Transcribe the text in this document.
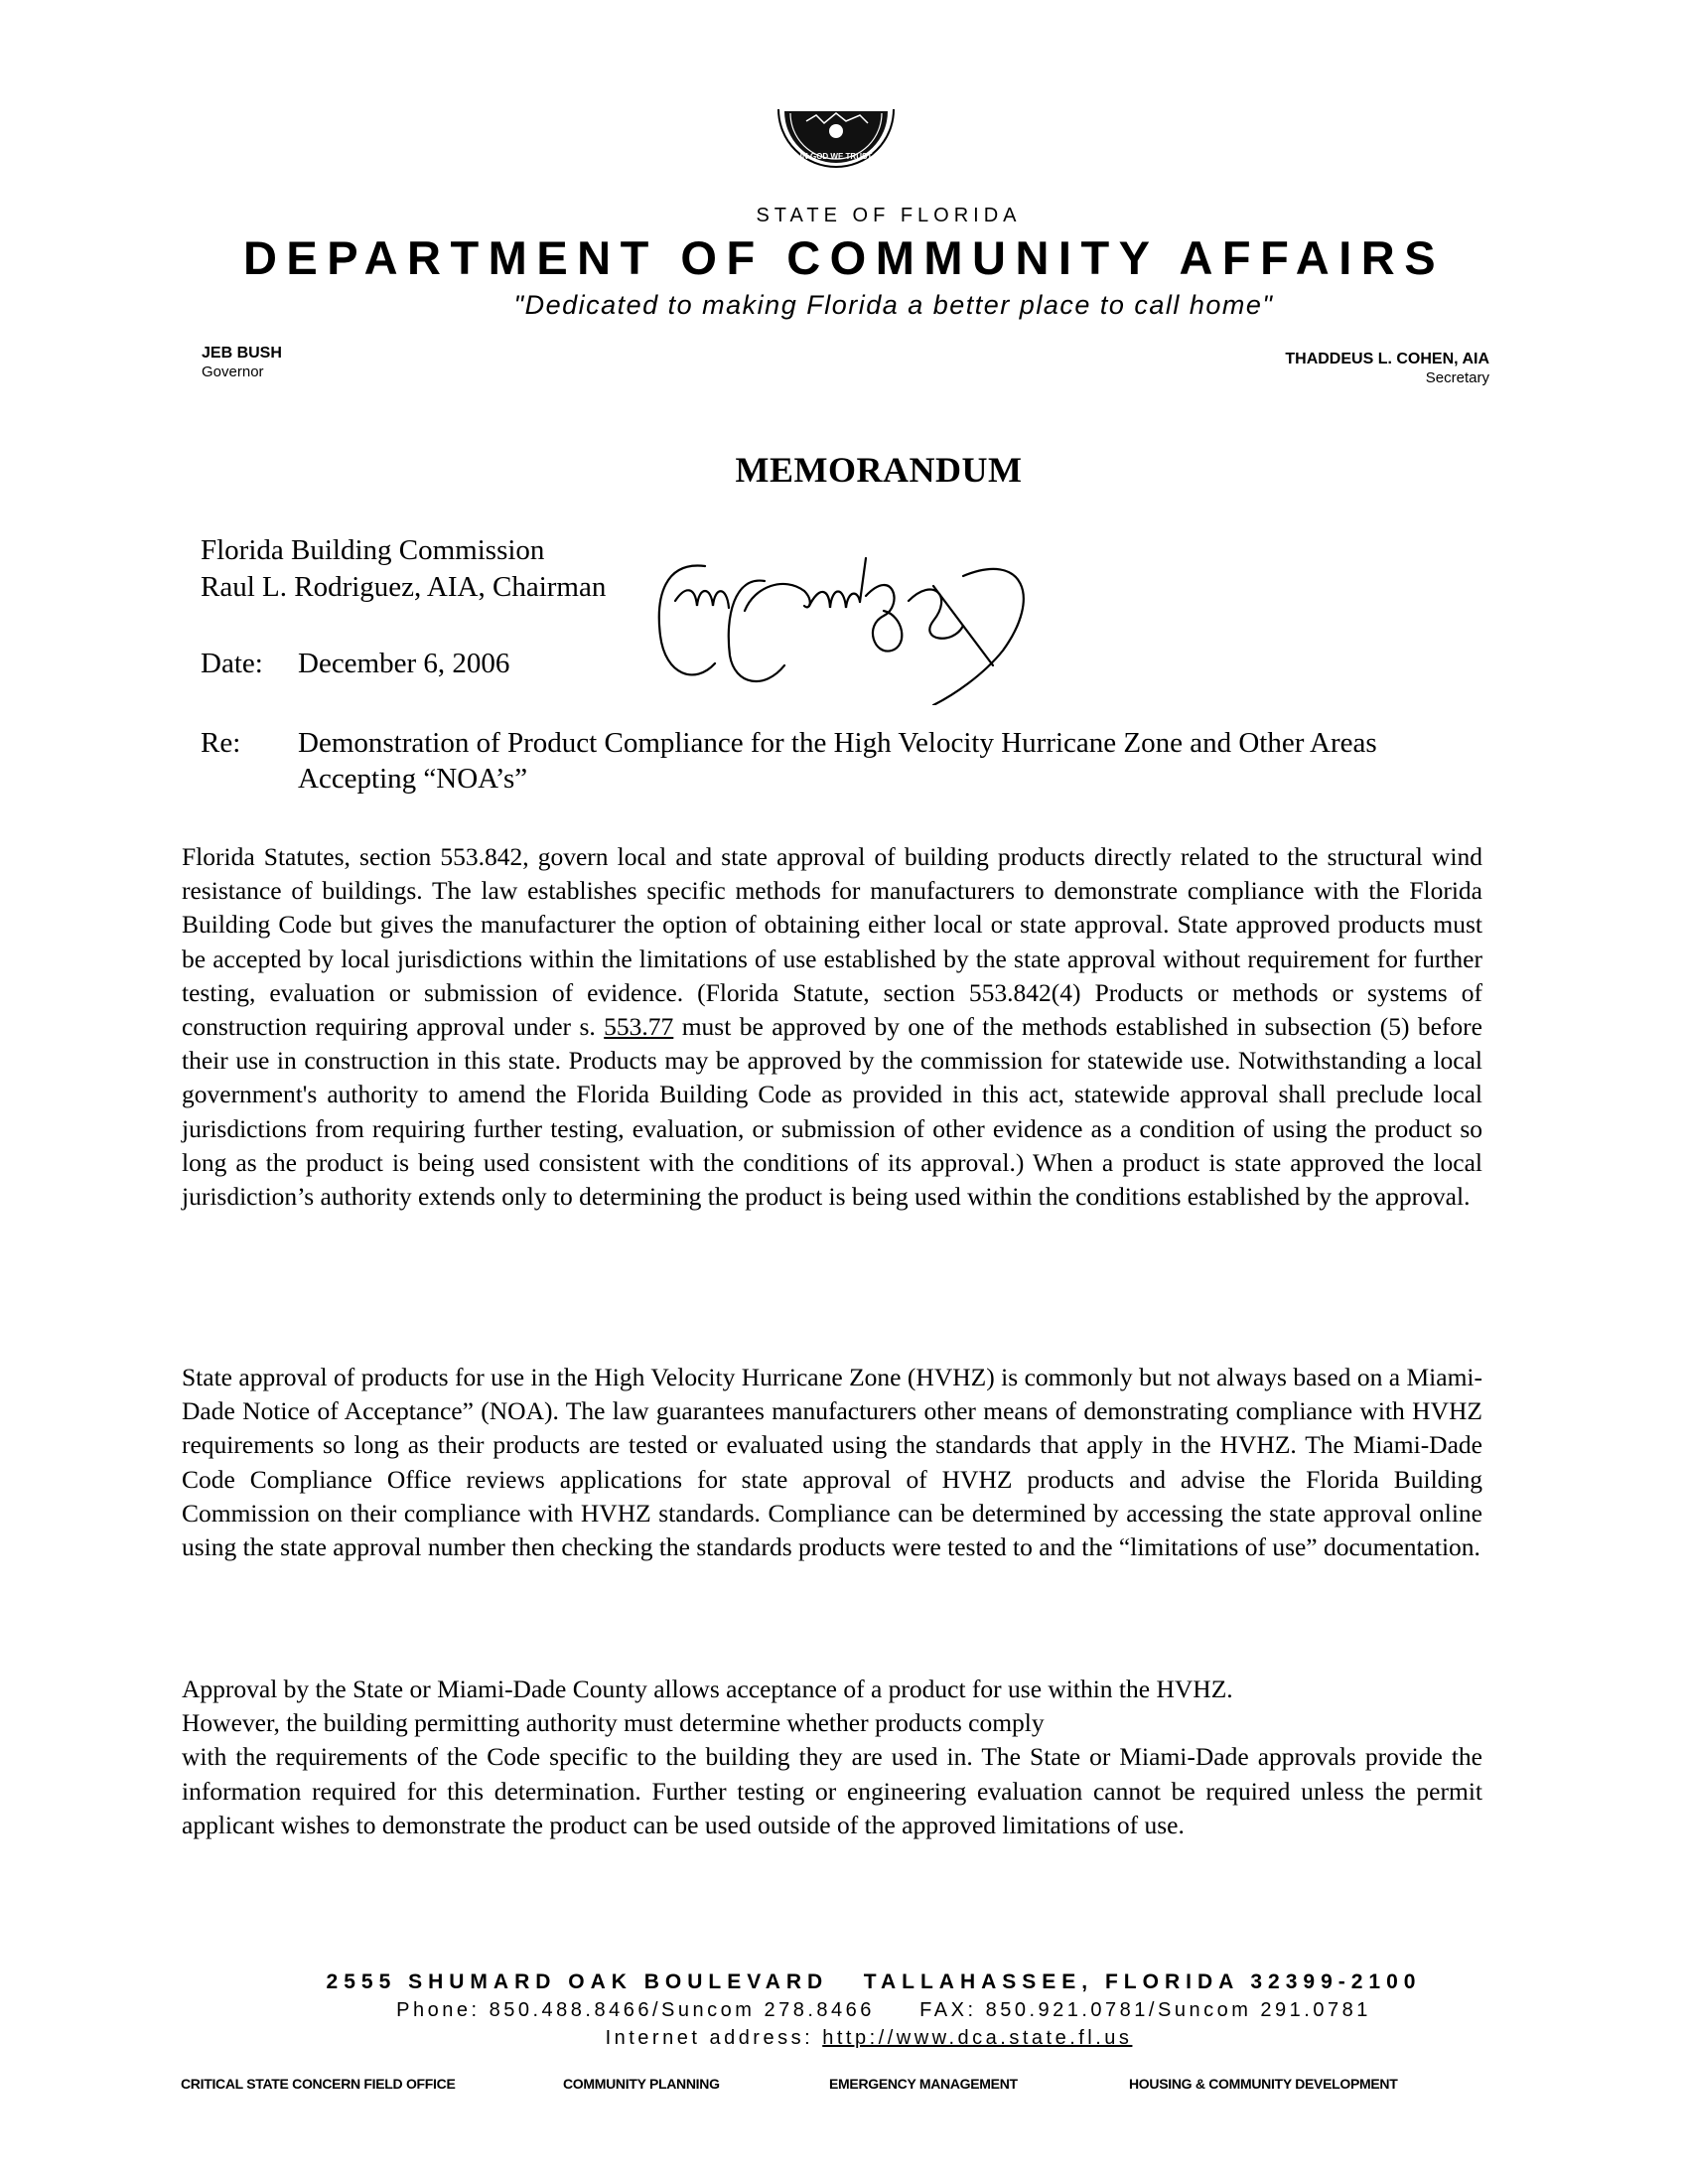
IN GOD WE TRUST
STATE OF FLORIDA
DEPARTMENT OF COMMUNITY AFFAIRS
"Dedicated to making Florida a better place to call home"
JEB BUSH
Governor
THADDEUS L. COHEN, AIA
Secretary
MEMORANDUM
Florida Building Commission
Raul L. Rodriguez, AIA, Chairman
Date: December 6, 2006
Re: Demonstration of Product Compliance for the High Velocity Hurricane Zone and Other Areas Accepting “NOA’s”
Florida Statutes, section 553.842, govern local and state approval of building products directly related to the structural wind resistance of buildings. The law establishes specific methods for manufacturers to demonstrate compliance with the Florida Building Code but gives the manufacturer the option of obtaining either local or state approval. State approved products must be accepted by local jurisdictions within the limitations of use established by the state approval without requirement for further testing, evaluation or submission of evidence. (Florida Statute, section 553.842(4) Products or methods or systems of construction requiring approval under s. 553.77 must be approved by one of the methods established in subsection (5) before their use in construction in this state. Products may be approved by the commission for statewide use. Notwithstanding a local government's authority to amend the Florida Building Code as provided in this act, statewide approval shall preclude local jurisdictions from requiring further testing, evaluation, or submission of other evidence as a condition of using the product so long as the product is being used consistent with the conditions of its approval.) When a product is state approved the local jurisdiction’s authority extends only to determining the product is being used within the conditions established by the approval.
State approval of products for use in the High Velocity Hurricane Zone (HVHZ) is commonly but not always based on a Miami-Dade Notice of Acceptance” (NOA). The law guarantees manufacturers other means of demonstrating compliance with HVHZ requirements so long as their products are tested or evaluated using the standards that apply in the HVHZ. The Miami-Dade Code Compliance Office reviews applications for state approval of HVHZ products and advise the Florida Building Commission on their compliance with HVHZ standards. Compliance can be determined by accessing the state approval online using the state approval number then checking the standards products were tested to and the “limitations of use” documentation.
Approval by the State or Miami-Dade County allows acceptance of a product for use within the HVHZ.
However, the building permitting authority must determine whether products comply
with the requirements of the Code specific to the building they are used in. The State or Miami-Dade approvals provide the information required for this determination. Further testing or engineering evaluation cannot be required unless the permit applicant wishes to demonstrate the product can be used outside of the approved limitations of use.
2555 SHUMARD OAK BOULEVARD   TALLAHASSEE, FLORIDA 32399-2100
Phone: 850.488.8466/Suncom 278.8466 FAX: 850.921.0781/Suncom 291.0781
Internet address: http://www.dca.state.fl.us
CRITICAL STATE CONCERN FIELD OFFICE	COMMUNITY PLANNING	EMERGENCY MANAGEMENT	HOUSING & COMMUNITY DEVELOPMENT
